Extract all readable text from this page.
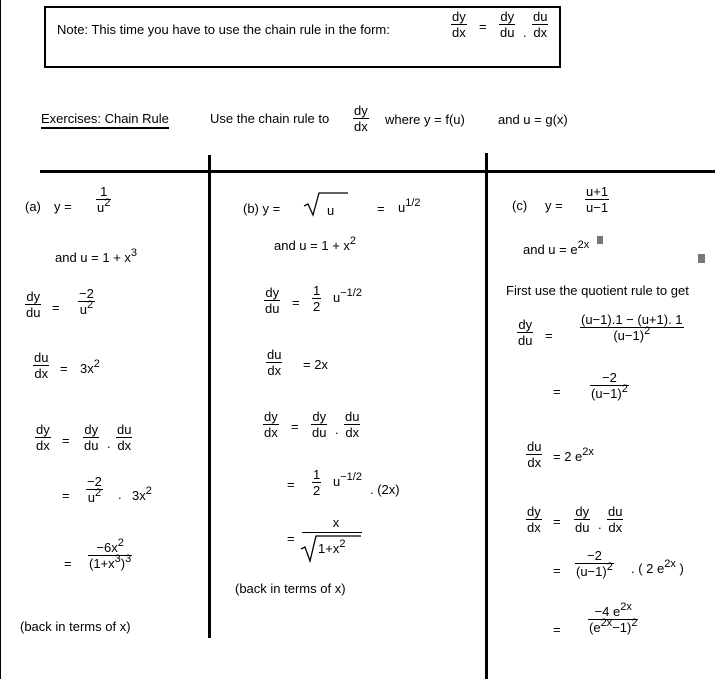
Note: This time you have to use the chain rule in the form:
dy
dx =
dy
du .
du
dx
Exercises: Chain Rule	Use the chain rule to
dy
dx where y = f(u)	and u = g(x)
(a) y =
1
$u^2$
and $u = 1 + x^3$
dy
du =
−2
$u^2$
du
dx = $3x^2$
dy
dx =
dy
du .
du
dx
=
−2
$u^2$ . $3x^2$
=
$-6x^2$
$(1+x^3)^3$
(back in terms of x)
(b) y =	u	= $u^{1/2}$
and $u = 1 + x^2$
dy
du =
1
2
$u^{-1/2}$
du
dx = 2x
dy
dx =
dy
du .
du
dx
=
1
2
$u^{-1/2}$
. (2x)
=
x
$1+x^2$
(back in terms of x)
(c) y =
u+1
u−1
and $u = e^{2x}$
First use the quotient rule to get
dy
du =
(u−1).1 − (u+1). 1
$(u-1)^2$
=
−2
$(u-1)^2$
du
dx = 2 $e^{2x}$
dy
dx =
dy
du .
du
dx
=
−2
$(u-1)^2$ . ( 2 $e^{2x}$ )
=
−4 $e^{2x}$
$(e^{2x}-1)^2$
